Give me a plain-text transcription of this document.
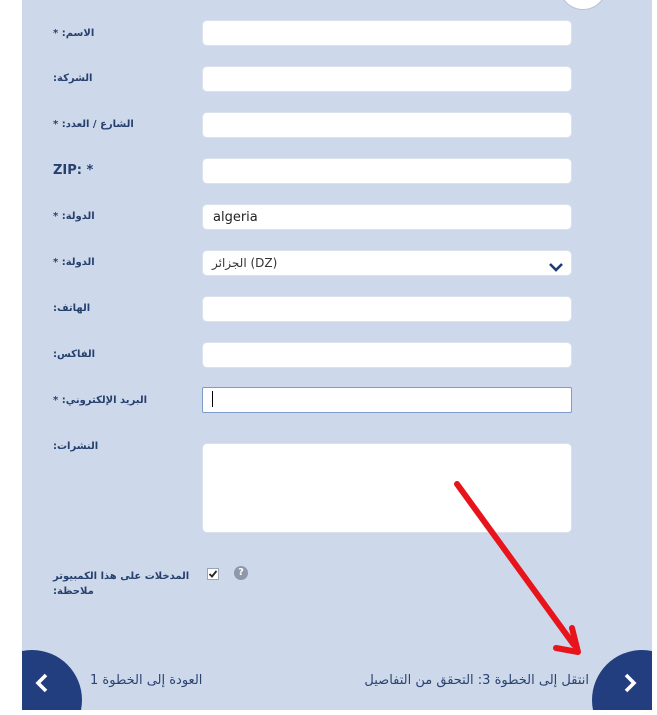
* :الاسم
:الشركة
* :الشارع / العدد
ZIP: *
* :الدولة
algeria
* :الدولة	الجزائر (DZ)
:الهاتف
:الفاكس
* :البريد الإلكتروني
:النشرات
المدخلات على هذا الكمبيوتر
:ملاحظة
?
العودة إلى الخطوة 1	انتقل إلى الخطوة 3: التحقق من التفاصيل
